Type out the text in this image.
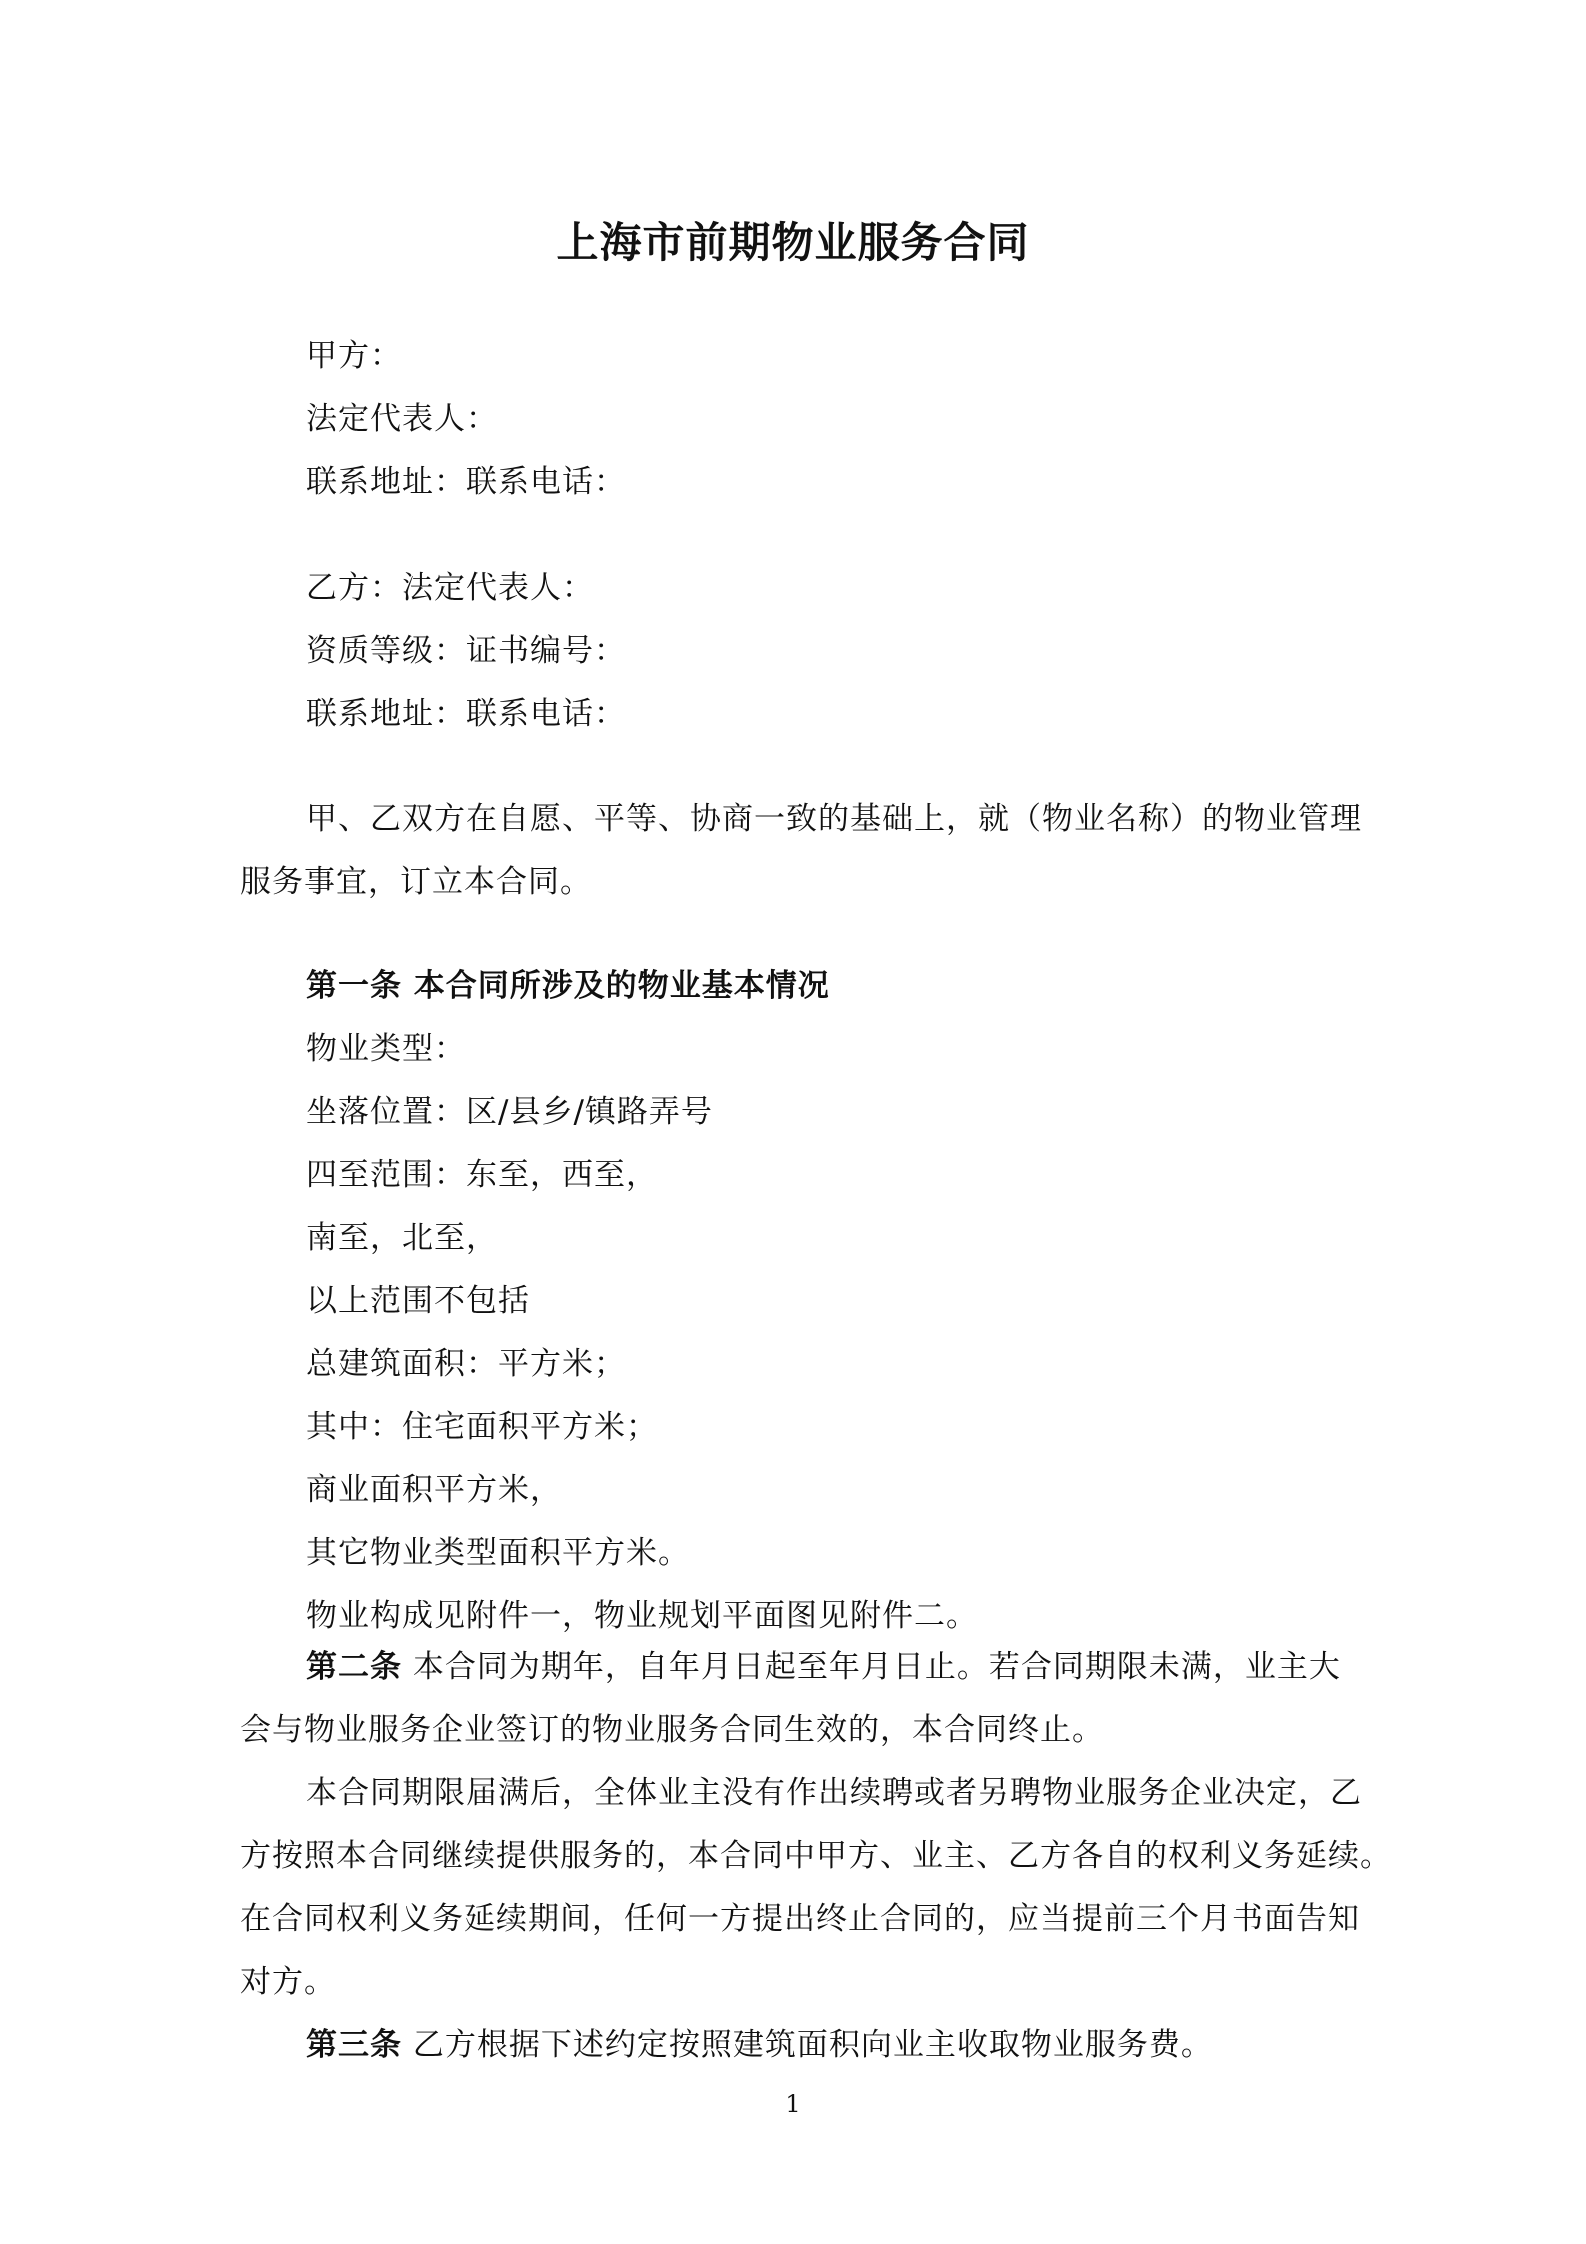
上海市前期物业服务合同

甲方：

法定代表人：

联系地址：联系电话：

乙方：法定代表人：

资质等级：证书编号：

联系地址：联系电话：

甲、乙双方在自愿、平等、协商一致的基础上，就（物业名称）的物业管理

服务事宜，订立本合同。

第一条 本合同所涉及的物业基本情况

物业类型：

坐落位置：区/县乡/镇路弄号

四至范围：东至，西至，

南至，北至，

以上范围不包括

总建筑面积：平方米；

其中：住宅面积平方米；

商业面积平方米，

其它物业类型面积平方米。

物业构成见附件一，物业规划平面图见附件二。

第二条 本合同为期年，自年月日起至年月日止。若合同期限未满，业主大

会与物业服务企业签订的物业服务合同生效的，本合同终止。

本合同期限届满后，全体业主没有作出续聘或者另聘物业服务企业决定，乙

方按照本合同继续提供服务的，本合同中甲方、业主、乙方各自的权利义务延续。

在合同权利义务延续期间，任何一方提出终止合同的，应当提前三个月书面告知

对方。

第三条 乙方根据下述约定按照建筑面积向业主收取物业服务费。

1
